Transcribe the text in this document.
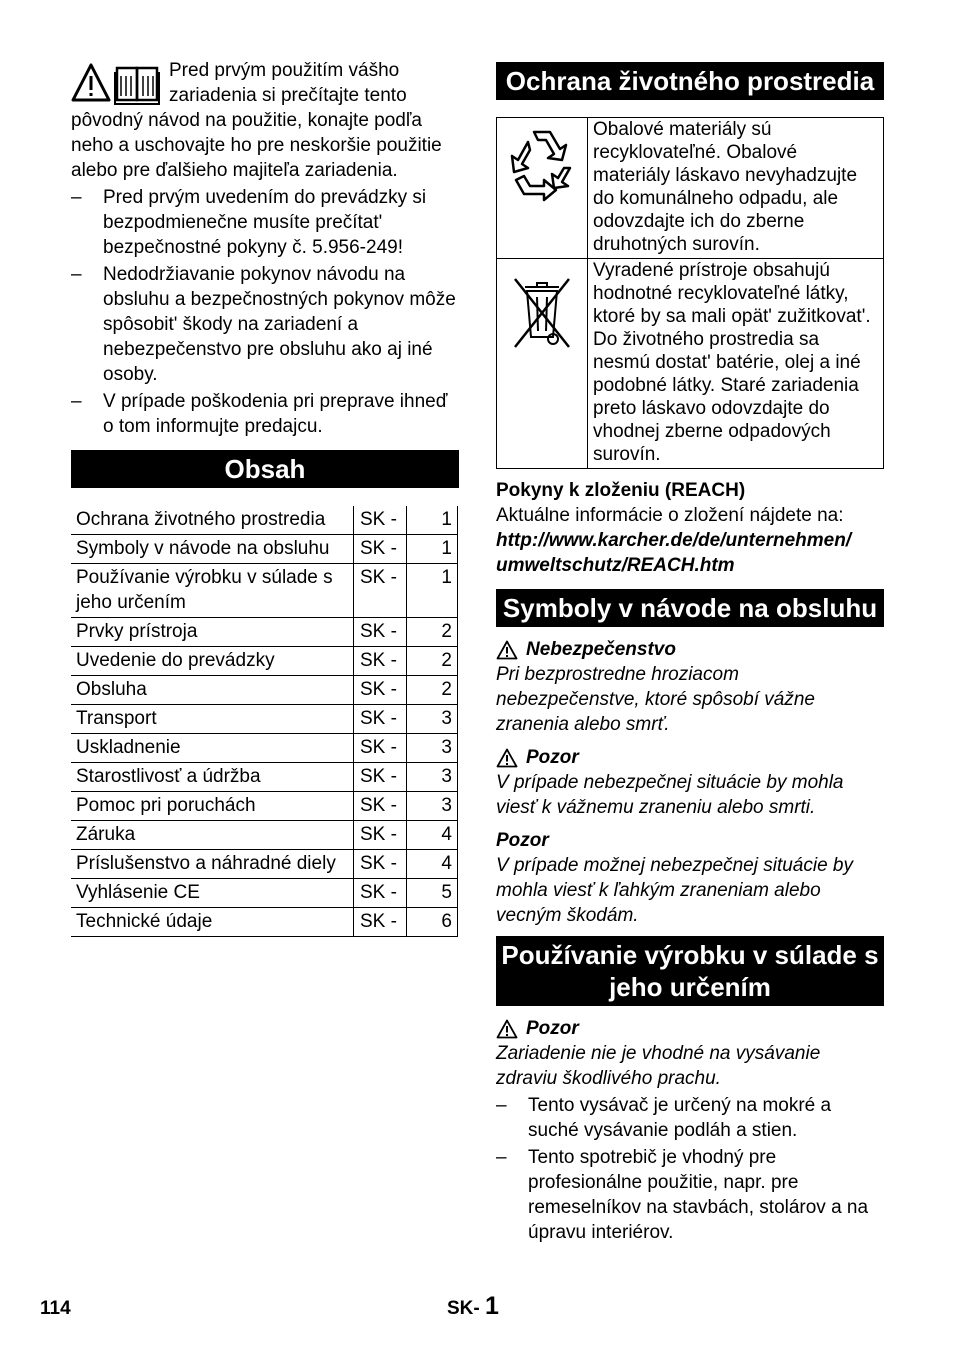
Pred prvým použitím vášho zariadenia si prečítajte tento pôvodný návod na použitie, konajte podľa neho a uschovajte ho pre neskoršie použitie alebo pre ďalšieho majiteľa zariadenia.

– Pred prvým uvedením do prevádzky si bezpodmienečne musíte prečítat' bezpečnostné pokyny č. 5.956-249!
– Nedodržiavanie pokynov návodu na obsluhu a bezpečnostných pokynov môže spôsobit' škody na zariadení a nebezpečenstvo pre obsluhu ako aj iné osoby.
– V prípade poškodenia pri preprave ihneď o tom informujte predajcu.
Obsah
Ochrana životného prostredia	SK -	1
Symboly v návode na obsluhu	SK -	1
Používanie výrobku v súlade s jeho určením	SK -	1
Prvky prístroja	SK -	2
Uvedenie do prevádzky	SK -	2
Obsluha	SK -	2
Transport	SK -	3
Uskladnenie	SK -	3
Starostlivosť a údržba	SK -	3
Pomoc pri poruchách	SK -	3
Záruka	SK -	4
Príslušenstvo a náhradné diely	SK -	4
Vyhlásenie CE	SK -	5
Technické údaje	SK -	6
Ochrana životného prostredia
	Obalové materiály sú recyklovateľné. Obalové materiály láskavo nevyhadzujte do komunálneho odpadu, ale odovzdajte ich do zberne druhotných surovín.
	Vyradené prístroje obsahujú hodnotné recyklovateľné látky, ktoré by sa mali opät' zužitkovat'. Do životného prostredia sa nesmú dostat' batérie, olej a iné podobné látky. Staré zariadenia preto láskavo odovzdajte do vhodnej zberne odpadových surovín.
Pokyny k zloženiu (REACH)
Aktuálne informácie o zložení nájdete na:
http://www.karcher.de/de/unternehmen/
umweltschutz/REACH.htm
Symboly v návode na obsluhu
Nebezpečenstvo
Pri bezprostredne hroziacom nebezpečenstve, ktoré spôsobí vážne zranenia alebo smrť.
Pozor
V prípade nebezpečnej situácie by mohla viesť k vážnemu zraneniu alebo smrti.
Pozor
V prípade možnej nebezpečnej situácie by mohla viesť k ľahkým zraneniam alebo vecným škodám.
Používanie výrobku v súlade s jeho určením
Pozor
Zariadenie nie je vhodné na vysávanie zdraviu škodlivého prachu.
– Tento vysávač je určený na mokré a suché vysávanie podláh a stien.
– Tento spotrebič je vhodný pre profesionálne použitie, napr. pre remeselníkov na stavbách, stolárov a na úpravu interiérov.
114	SK- 1
